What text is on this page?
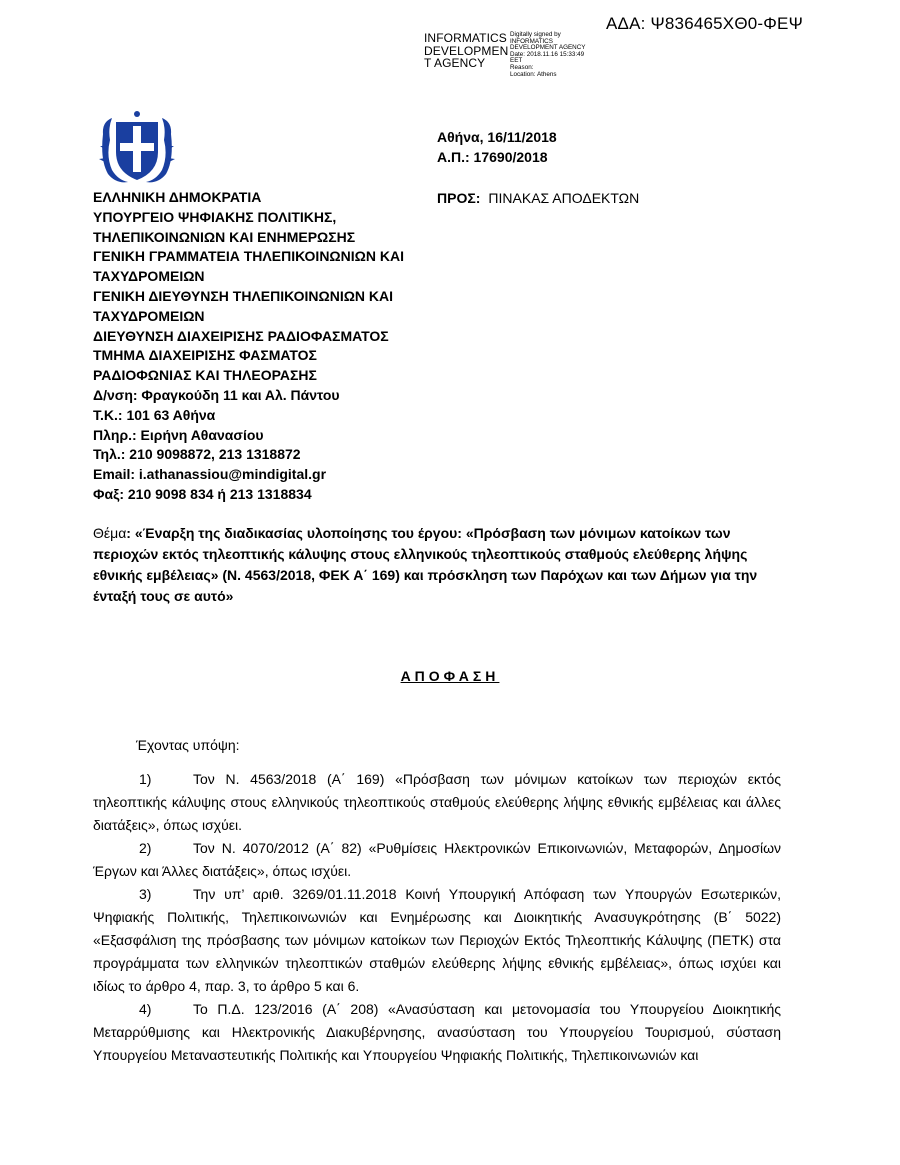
ΑΔΑ: Ψ836465ΧΘ0-ΦΕΨ
INFORMATICS
DEVELOPMEN
T AGENCY
Digitally signed by
INFORMATICS
DEVELOPMENT AGENCY
Date: 2018.11.16 15:33:49
EET
Reason:
Location: Athens
Αθήνα, 16/11/2018
Α.Π.: 17690/2018
ΠΡΟΣ: ΠΙΝΑΚΑΣ ΑΠΟΔΕΚΤΩΝ
ΕΛΛΗΝΙΚΗ ΔΗΜΟΚΡΑΤΙΑ
ΥΠΟΥΡΓΕΙΟ ΨΗΦΙΑΚΗΣ ΠΟΛΙΤΙΚΗΣ,
ΤΗΛΕΠΙΚΟΙΝΩΝΙΩΝ ΚΑΙ ΕΝΗΜΕΡΩΣΗΣ
ΓΕΝΙΚΗ ΓΡΑΜΜΑΤΕΙΑ ΤΗΛΕΠΙΚΟΙΝΩΝΙΩΝ ΚΑΙ
ΤΑΧΥΔΡΟΜΕΙΩΝ
ΓΕΝΙΚΗ ΔΙΕΥΘΥΝΣΗ ΤΗΛΕΠΙΚΟΙΝΩΝΙΩΝ ΚΑΙ
ΤΑΧΥΔΡΟΜΕΙΩΝ
ΔΙΕΥΘΥΝΣΗ ΔΙΑΧΕΙΡΙΣΗΣ ΡΑΔΙΟΦΑΣΜΑΤΟΣ
ΤΜΗΜΑ ΔΙΑΧΕΙΡΙΣΗΣ ΦΑΣΜΑΤΟΣ
ΡΑΔΙΟΦΩΝΙΑΣ ΚΑΙ ΤΗΛΕΟΡΑΣΗΣ
Δ/νση: Φραγκούδη 11 και Αλ. Πάντου
Τ.Κ.: 101 63 Αθήνα
Πληρ.: Ειρήνη Αθανασίου
Τηλ.: 210 9098872, 213 1318872
Email: i.athanassiou@mindigital.gr
Φαξ: 210 9098 834 ή 213 1318834
Θέμα: «Έναρξη της διαδικασίας υλοποίησης του έργου: «Πρόσβαση των μόνιμων κατοίκων των περιοχών εκτός τηλεοπτικής κάλυψης στους ελληνικούς τηλεοπτικούς σταθμούς ελεύθερης λήψης εθνικής εμβέλειας» (Ν. 4563/2018, ΦΕΚ Α΄ 169) και πρόσκληση των Παρόχων και των Δήμων για την ένταξή τους σε αυτό»
ΑΠΟΦΑΣΗ
Έχοντας υπόψη:

1)	Τον Ν. 4563/2018 (Α΄ 169) «Πρόσβαση των μόνιμων κατοίκων των περιοχών εκτός τηλεοπτικής κάλυψης στους ελληνικούς τηλεοπτικούς σταθμούς ελεύθερης λήψης εθνικής εμβέλειας και άλλες διατάξεις», όπως ισχύει.

2)	Τον Ν. 4070/2012 (Α΄ 82) «Ρυθμίσεις Ηλεκτρονικών Επικοινωνιών, Μεταφορών, Δημοσίων Έργων και Άλλες διατάξεις», όπως ισχύει.

3)	Την υπ’ αριθ. 3269/01.11.2018 Κοινή Υπουργική Απόφαση των Υπουργών Εσωτερικών, Ψηφιακής Πολιτικής, Τηλεπικοινωνιών και Ενημέρωσης και Διοικητικής Ανασυγκρότησης (Β΄ 5022) «Εξασφάλιση της πρόσβασης των μόνιμων κατοίκων των Περιοχών Εκτός Τηλεοπτικής Κάλυψης (ΠΕΤΚ) στα προγράμματα των ελληνικών τηλεοπτικών σταθμών ελεύθερης λήψης εθνικής εμβέλειας», όπως ισχύει και ιδίως το άρθρο 4, παρ. 3, το άρθρο 5 και 6.

4)	Το Π.Δ. 123/2016 (Α΄ 208) «Ανασύσταση και μετονομασία του Υπουργείου Διοικητικής Μεταρρύθμισης και Ηλεκτρονικής Διακυβέρνησης, ανασύσταση του Υπουργείου Τουρισμού, σύσταση Υπουργείου Μεταναστευτικής Πολιτικής και Υπουργείου Ψηφιακής Πολιτικής, Τηλεπικοινωνιών και
